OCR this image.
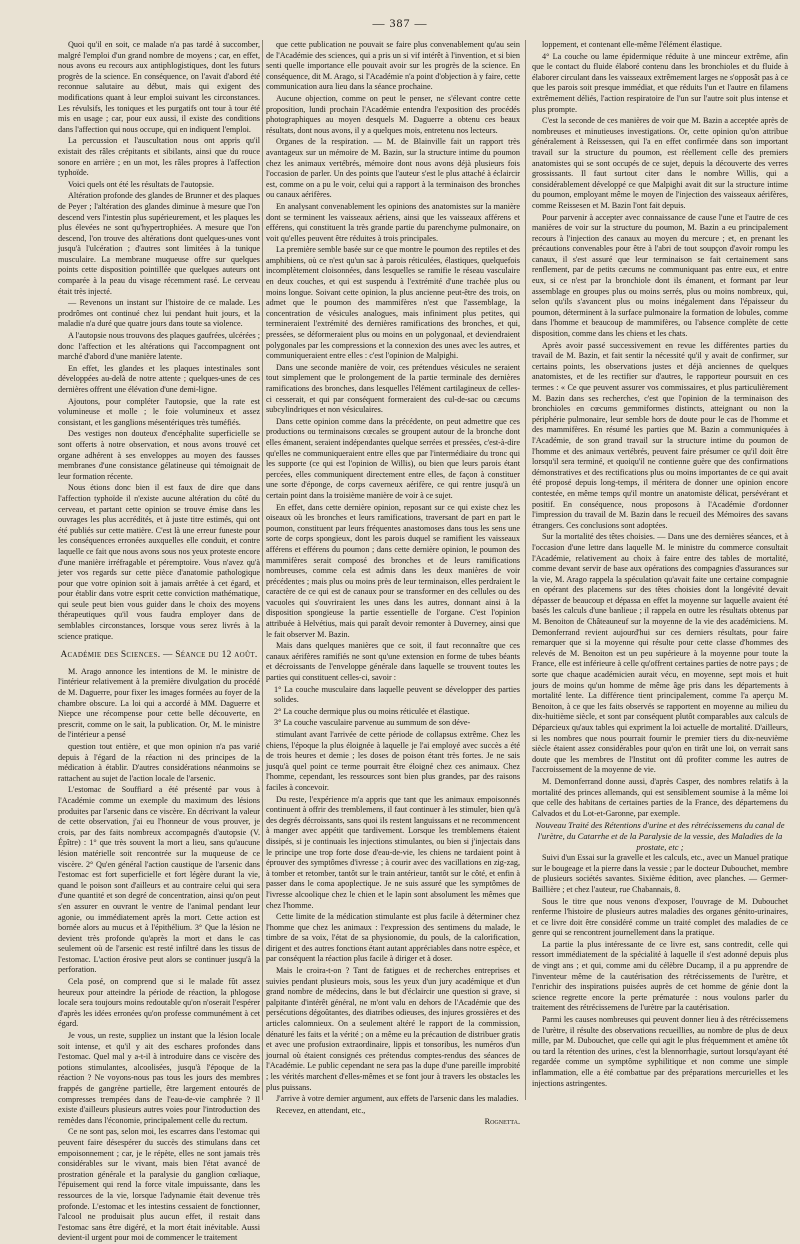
— 387 —

Quoi qu'il en soit, ce malade n'a pas tardé à succomber, malgré l'emploi d'un grand nombre de moyens ; car, en effet, nous avons eu recours aux antiphlogistiques, dont les futurs progrès de la science. En conséquence, on l'avait d'abord été reconnue salutaire au début, mais qui exigent des modifications quant à leur emploi suivant les circonstances. Les révulsifs, les toniques et les purgatifs ont tour à tour été mis en usage ; car, pour eux aussi, il existe des conditions dans l'affection qui nous occupe, qui en indiquent l'emploi.

La percussion et l'auscultation nous ont appris qu'il existait des râles crépitants et sibilants, ainsi que du rouce sonore en arrière ; en un mot, les râles propres à l'affection typhoïde.

Voici quels ont été les résultats de l'autopsie.

Altération profonde des glandes de Brunner et des plaques de Peyer ; l'altération des glandes diminue à mesure que l'on descend vers l'intestin plus supérieurement, et les plaques les plus élevées ne sont qu'hypertrophiées. A mesure que l'on descend, l'on trouve des altérations dont quelques-unes vont jusqu'à l'ulcération ; d'autres sont limitées à la tunique musculaire. La membrane muqueuse offre sur quelques points cette disposition pointillée que quelques auteurs ont comparée à la peau du visage récemment rasé. Le cerveau était très injecté.

— Revenons un instant sur l'histoire de ce malade. Les prodrômes ont continué chez lui pendant huit jours, et la maladie n'a duré que quatre jours dans toute sa violence.

A l'autopsie nous trouvons des plaques gaufrées, ulcérées ; donc l'affection et les altérations qui l'accompagnent ont marché d'abord d'une manière latente.

En effet, les glandes et les plaques intestinales sont développées au-delà de notre attente ; quelques-unes de ces dernières offrent une élévation d'une demi-ligne.

Ajoutons, pour compléter l'autopsie, que la rate est volumineuse et molle ; le foie volumineux et assez consistant, et les ganglions mésentériques très tuméfiés.

Des vestiges non douteux d'encéphalite superficielle se sont offerts à notre observation, et nous avons trouvé cet organe adhérent à ses enveloppes au moyen des fausses membranes d'une consistance gélatineuse qui témoignait de leur formation récente.

Nous étions donc bien il est faux de dire que dans l'affection typhoïde il n'existe aucune altération du côté du cerveau, et partant cette opinion se trouve émise dans les ouvrages les plus accrédités, et à juste titre estimés, qui ont été publiés sur cette matière. C'est là une erreur funeste pour les conséquences erronées auxquelles elle conduit, et contre laquelle ce fait que nous avons sous nos yeux proteste encore d'une manière irréfragable et péremptoire. Vous n'avez qu'à jeter vos regards sur cette pièce d'anatomie pathologique pour que votre opinion soit à jamais arrêtée à cet égard, et pour établir dans votre esprit cette conviction mathématique, qui seule peut bien vous guider dans le choix des moyens thérapeutiques qu'il vous faudra employer dans de semblables circonstances, lorsque vous serez livrés à la science pratique.

Académie des Sciences. — Séance du 12 août.

M. Arago annonce les intentions de M. le ministre de l'intérieur relativement à la première divulgation du procédé de M. Daguerre, pour fixer les images formées au foyer de la chambre obscure. La loi qui a accordé à MM. Daguerre et Niepce une récompense pour cette belle découverte, en prescrit, comme on le sait, la publication. Or, M. le ministre de l'intérieur a pensé

question tout entière, et que mon opinion n'a pas varié depuis à l'égard de la réaction ni des principes de la médication à établir. D'autres considérations néanmoins se rattachent au sujet de l'action locale de l'arsenic.

L'estomac de Souffiard a été présenté par vous à l'Académie comme un exemple du maximum des lésions produites par l'arsenic dans ce viscère. En décrivant la valeur de cette observation, j'ai eu l'honneur de vous prouver, je crois, par des faits nombreux accompagnés d'autopsie (V. Épître) : 1° que très souvent la mort a lieu, sans qu'aucune lésion matérielle soit rencontrée sur la muqueuse de ce viscère. 2° Qu'en général l'action caustique de l'arsenic dans l'estomac est fort superficielle et fort légère durant la vie, quand le poison sont d'ailleurs et au contraire celui qui sera d'une quantité et son degré de concentration, ainsi qu'on peut s'en assurer en ouvrant le ventre de l'animal pendant leur agonie, ou immédiatement après la mort. Cette action est bornée alors au mucus et à l'épithélium. 3° Que la lésion ne devient très profonde qu'après la mort et dans le cas seulement où de l'arsenic est resté infiltré dans les tissus de l'estomac. L'action érosive peut alors se continuer jusqu'à la perforation.

Cela posé, on comprend que si le malade fût assez heureux pour atteindre la période de réaction, la phlogose locale sera toujours moins redoutable qu'on n'oserait l'espérer d'après les idées erronées qu'on professe communément à cet égard.

Je vous, un reste, suppliez un instant que la lésion locale soit intense, et qu'il y ait des eschares profondes dans l'estomac. Quel mal y a-t-il à introduire dans ce viscère des potions stimulantes, alcoolisées, jusqu'à l'époque de la réaction ? Ne voyons-nous pas tous les jours des membres frappés de gangrène partielle, être largement entourés de compresses trempées dans de l'eau-de-vie camphrée ? Il existe d'ailleurs plusieurs autres voies pour l'introduction des remèdes dans l'économie, principalement celle du rectum.

Ce ne sont pas, selon moi, les escarres dans l'estomac qui peuvent faire désespérer du succès des stimulans dans cet empoisonnement ; car, je le répète, elles ne sont jamais très considérables sur le vivant, mais bien l'état avancé de prostration générale et la paralysie du ganglion cœliaque, l'épuisement qui rend la force vitale impuissante, dans les ressources de la vie, lorsque l'adynamie était devenue très profonde. L'estomac et les intestins cessaient de fonctionner, l'alcool ne produisait plus aucun effet, il restait dans l'estomac sans être digéré, et la mort était inévitable. Aussi devient-il urgent pour moi de commencer le traitement

que cette publication ne pouvait se faire plus convenablement qu'au sein de l'Académie des sciences, qui a pris un si vif intérêt à l'invention, et si bien senti quelle importance elle pouvait avoir sur les progrès de la science. En conséquence, dit M. Arago, si l'Académie n'a point d'objection à y faire, cette communication aura lieu dans la séance prochaine.

Aucune objection, comme on peut le penser, ne s'élevant contre cette proposition, lundi prochain l'Académie entendra l'exposition des procédés photographiques au moyen desquels M. Daguerre a obtenu ces beaux résultats, dont nous avons, il y a quelques mois, entretenu nos lecteurs.

Organes de la respiration. — M. de Blainville fait un rapport très avantageux sur un mémoire de M. Bazin, sur la structure intime du poumon chez les animaux vertébrés, mémoire dont nous avons déjà plusieurs fois l'occasion de parler. Un des points que l'auteur s'est le plus attaché à éclaircir est, comme on a pu le voir, celui qui a rapport à la terminaison des bronches ou canaux aérifères.

En analysant convenablement les opinions des anatomistes sur la manière dont se terminent les vaisseaux aériens, ainsi que les vaisseaux afférens et efférens, qui constituent la très grande partie du parenchyme pulmonaire, on voit qu'elles peuvent être réduites à trois principales.

La première semble basée sur ce que montre le poumon des reptiles et des amphibiens, où ce n'est qu'un sac à parois réticulées, élastiques, quelquefois incomplètement cloisonnées, dans lesquelles se ramifie le réseau vasculaire en deux couches, et qui est suspendu à l'extrémité d'une trachée plus ou moins longue. Soivant cette opinion, la plus ancienne peut-être des trois, on admet que le poumon des mammifères n'est que l'assemblage, la concentration de vésicules analogues, mais infiniment plus petites, qui termineraient l'extrémité des dernières ramifications des bronches, et qui, pressées, se déformeraient plus ou moins en un polygonaal, et deviendraient polygonales par les compressions et la connexion des unes avec les autres, et communiqueraient entre elles : c'est l'opinion de Malpighi.

Dans une seconde manière de voir, ces prétendues vésicules ne seraient tout simplement que le prolongement de la partie terminale des dernières ramifications des bronches, dans lesquelles l'élément cartilagineux de celles-ci cesserait, et qui par conséquent formeraient des cul-de-sac ou cæcums subcylindriques et non vésiculaires.

Dans cette opinion comme dans la précédente, on peut admettre que ces productions ou terminaisons cœcales se groupent autour de la bronche dont elles émanent, seraient indépendantes quelque serrées et pressées, c'est-à-dire qu'elles ne communiqueraient entre elles que par l'intermédiaire du tronc qui les supporte (ce qui est l'opinion de Willis), ou bien que leurs parois étant percées, elles communiquent directement entre elles, de façon à constituer une sorte d'éponge, de corps caverneux aérifère, ce qui rentre jusqu'à un certain point dans la troisième manière de voir à ce sujet.

En effet, dans cette dernière opinion, reposant sur ce qui existe chez les oiseaux où les bronches et leurs ramifications, traversant de part en part le poumon, constituent par leurs fréquentes anastomoses dans tous les sens une sorte de corps spongieux, dont les parois duquel se ramifient les vaisseaux afférens et efférens du poumon ; dans cette dernière opinion, le poumon des mammifères serait composé des bronches et de leurs ramifications nombreuses, comme cela est admis dans les deux manières de voir précédentes ; mais plus ou moins près de leur terminaison, elles perdraient le caractère de ce qui est de canaux pour se transformer en des cellules ou des vacuoles qui s'ouvriraient les unes dans les autres, donnant ainsi à la disposition spongieuse la partie essentielle de l'organe. C'est l'opinion attribuée à Helvétius, mais qui paraît devoir remonter à Duverney, ainsi que le fait observer M. Bazin.

Mais dans quelques manières que ce soit, il faut reconnaître que ces canaux aérifères ramifiés ne sont qu'une extension en forme de tubes béants et décroissants de l'enveloppe générale dans laquelle se trouvent toutes les parties qui constituent celles-ci, savoir :

1° La couche musculaire dans laquelle peuvent se développer des parties solides.

2° La couche dermique plus ou moins réticulée et élastique.

3° La couche vasculaire parvenue au summum de son déve-

stimulant avant l'arrivée de cette période de collapsus extrême. Chez les chiens, l'époque la plus éloignée à laquelle je l'ai employé avec succès a été de trois heures et demie ; les doses de poison étant très fortes. Je ne sais jusqu'à quel point ce terme pourrait être éloigné chez ces animaux. Chez l'homme, cependant, les ressources sont bien plus grandes, par des raisons faciles à concevoir.

Du reste, l'expérience m'a appris que tant que les animaux empoisonnés continuent à offrir des tremblemens, il faut continuer à les stimuler, bien qu'à des degrés décroissants, sans quoi ils restent languissans et ne recommencent à manger avec appétit que tardivement. Lorsque les tremblemens étaient dissipés, si je continuais les injections stimulantes, ou bien si j'injectais dans le principe une trop forte dose d'eau-de-vie, les chiens ne tardaient point à éprouver des symptômes d'ivresse ; à courir avec des vacillations en zig-zag, à tomber et retomber, tantôt sur le train antérieur, tantôt sur le côté, et enfin à passer dans le coma apoplectique. Je ne suis assuré que les symptômes de l'ivresse alcoolique chez le chien et le lapin sont absolument les mêmes que chez l'homme.

Cette limite de la médication stimulante est plus facile à déterminer chez l'homme que chez les animaux : l'expression des sentimens du malade, le timbre de sa voix, l'état de sa physionomie, du pouls, de la calorification, dirigent et des autres fonctions étant autant appréciables dans notre espèce, et par conséquent la réaction plus facile à diriger et à doser.

Mais le croira-t-on ? Tant de fatigues et de recherches entreprises et suivies pendant plusieurs mois, sous les yeux d'un jury académique et d'un grand nombre de médecins, dans le but d'éclaircir une question si grave, si palpitante d'intérêt général, ne m'ont valu en dehors de l'Académie que des persécutions dégoûtantes, des diatribes odieuses, des injures grossières et des articles calomnieux. On a seulement altéré le rapport de la commission, dénaturé les faits et la vérité ; on a même eu la précaution de distribuer gratis et avec une profusion extraordinaire, lippis et tonsoribus, les numéros d'un journal où étaient consignés ces prétendus comptes-rendus des séances de l'Académie. Le public cependant ne sera pas la dupe d'une pareille improbité ; les vérités marchent d'elles-mêmes et se font jour à travers les obstacles les plus puissans.

J'arrive à votre dernier argument, aux effets de l'arsenic dans les maladies.

Recevez, en attendant, etc.,

Rognetta.

loppement, et contenant elle-même l'élément élastique.

4° La couche ou lame épidermique réduite à une minceur extrême, afin que le contact du fluide élaboré contenu dans les bronchioles et du fluide à élaborer circulant dans les vaisseaux extrêmement larges ne s'opposât pas à ce que les parois soit presque immédiat, et que réduits l'un et l'autre en filamens extrêmement déliés, l'action respiratoire de l'un sur l'autre soit plus intense et plus prompte.

C'est la seconde de ces manières de voir que M. Bazin a acceptée après de nombreuses et minutieuses investigations. Or, cette opinion qu'on attribue généralement à Reissessen, qui l'a en effet confirmée dans son important travail sur la structure du poumon, est réellement celle des premiers anatomistes qui se sont occupés de ce sujet, depuis la découverte des verres grossissants. Il faut surtout citer dans le nombre Willis, qui a considérablement développé ce que Malpighi avait dit sur la structure intime du poumon, employant même le moyen de l'injection des vaisseaux aérifères, comme Reissesen et M. Bazin l'ont fait depuis.

Pour parvenir à accepter avec connaissance de cause l'une et l'autre de ces manières de voir sur la structure du poumon, M. Bazin a eu principalement recours à l'injection des canaux au moyen du mercure ; et, en prenant les précautions convenables pour être à l'abri de tout soupçon d'avoir rompu les canaux, il s'est assuré que leur terminaison se fait certainement sans renflement, par de petits cæcums ne communiquant pas entre eux, et entre eux, si ce n'est par la bronchiole dont ils émanent, et formant par leur assemblage en groupes plus ou moins serrés, plus ou moins nombreux, qui, selon qu'ils s'avancent plus ou moins inégalement dans l'épaisseur du poumon, déterminent à la surface pulmonaire la formation de lobules, comme dans l'homme et beaucoup de mammifères, ou l'absence complète de cette disposition, comme dans les chiens et les chats.

Après avoir passé successivement en revue les différentes parties du travail de M. Bazin, et fait sentir la nécessité qu'il y avait de confirmer, sur certains points, les observations justes et déjà anciennes de quelques anatomistes, et de les rectifier sur d'autres, le rapporteur poursuit en ces termes : « Ce que peuvent assurer vos commissaires, et plus particulièrement M. Bazin dans ses recherches, c'est que l'opinion de la terminaison des bronchioles en cœcums gemmiformes distincts, atteignant ou non la périphérie pulmonaire, leur semble hors de doute pour le cas de l'homme et des mammifères. En résumé les parties que M. Bazin a communiquées à l'Académie, de son grand travail sur la structure intime du poumon de l'homme et des animaux vertébrés, peuvent faire présumer ce qu'il doit être lorsqu'il sera terminé, et quoiqu'il ne contienne guère que des confirmations démonstratives et des rectifications plus ou moins importantes de ce qui avait été proposé depuis long-temps, il méritera de donner une opinion encore contestée, en même temps qu'il montre un anatomiste délicat, persévérant et positif. En conséquence, nous proposons à l'Académie d'ordonner l'impression du travail de M. Bazin dans le recueil des Mémoires des savans étrangers. Ces conclusions sont adoptées.

Sur la mortalité des têtes choisies. — Dans une des dernières séances, et à l'occasion d'une lettre dans laquelle M. le ministre du commerce consultait l'Académie, relativement au choix à faire entre des tables de mortalité, comme devant servir de base aux opérations des compagnies d'assurances sur la vie, M. Arago rappela la spéculation qu'avait faite une certaine compagnie en opérant des placemens sur des têtes choisies dont la longévité devait dépasser de beaucoup et dépassa en effet la moyenne sur laquelle avaient été basés les calculs d'une banlieue ; il rappela en outre les résultats obtenus par M. Benoiton de Châteauneuf sur la moyenne de la vie des académiciens. M. Demonferrand revient aujourd'hui sur ces derniers résultats, pour faire remarquer que si la moyenne qui résulte pour cette classe d'hommes des relevés de M. Benoiton est un peu supérieure à la moyenne pour toute la France, elle est inférieure à celle qu'offrent certaines parties de notre pays ; de sorte que chaque académicien aurait vécu, en moyenne, sept mois et huit jours de moins qu'un homme de même âge pris dans les départements à mortalité lente. La différence tient principalement, comme l'a aperçu M. Benoiton, à ce que les faits observés se rapportent en moyenne au milieu du dix-huitième siècle, et sont par conséquent plutôt comparables aux calculs de Déparcieux qu'aux tables qui expriment la loi actuelle de mortalité. D'ailleurs, si les nombres que nous pourrait fournir le premier tiers du dix-neuvième siècle étaient assez considérables pour qu'on en tirât une loi, on verrait sans doute que les membres de l'Institut ont dû profiter comme les autres de l'accroissement de la moyenne de vie.

M. Demonferrand donne aussi, d'après Casper, des nombres relatifs à la mortalité des princes allemands, qui est sensiblement soumise à la même loi que celle des habitans de certaines parties de la France, des départemens du Calvados et du Lot-et-Garonne, par exemple.

Nouveau Traité des Rétentions d'urine et des rétrécissemens du canal de l'urètre, du Catarrhe et de la Paralysie de la vessie, des Maladies de la prostate, etc ;

Suivi d'un Essai sur la gravelle et les calculs, etc., avec un Manuel pratique sur le bougeage et la pierre dans la vessie ; par le docteur Dubouchet, membre de plusieurs sociétés savantes. Sixième édition, avec planches. — Germer-Baillière ; et chez l'auteur, rue Chabannais, 8.

Sous le titre que nous venons d'exposer, l'ouvrage de M. Dubouchet renferme l'histoire de plusieurs autres maladies des organes génito-urinaires, et ce livre doit être considéré comme un traité complet des maladies de ce genre qui se rencontrent journellement dans la pratique.

La partie la plus intéressante de ce livre est, sans contredit, celle qui ressort immédiatement de la spécialité à laquelle il s'est adonné depuis plus de vingt ans ; et qui, comme ami du célèbre Ducamp, il a pu apprendre de l'inventeur même de la cautérisation des rétrécissements de l'urètre, et l'enrichir des inspirations puisées auprès de cet homme de génie dont la science regrette encore la perte prématurée : nous voulons parler du traitement des rétrécissemens de l'urètre par la cautérisation.

Parmi les causes nombreuses qui peuvent donner lieu à des rétrécissemens de l'urètre, il résulte des observations recueillies, au nombre de plus de deux mille, par M. Dubouchet, que celle qui agit le plus fréquemment et amène tôt ou tard la rétention des urines, c'est la blennorrhagie, surtout lorsqu'ayant été regardée comme un symptôme syphilitique et non comme une simple inflammation, elle a été combattue par des préparations mercurielles et les injections astringentes.
